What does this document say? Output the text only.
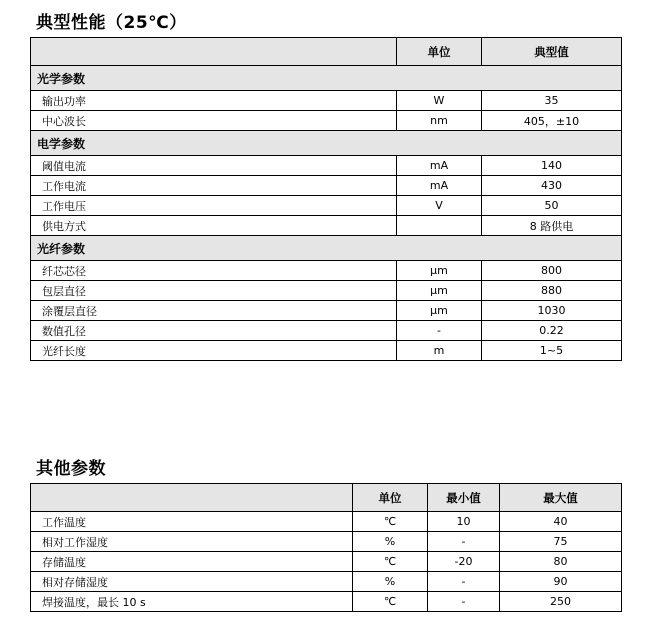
典型性能（25℃）
	单位	典型值
光学参数		
输出功率	W	35
中心波长	nm	405，±10
电学参数		
阈值电流	mA	140
工作电流	mA	430
工作电压	V	50
供电方式		8 路供电
光纤参数		
纤芯芯径	μm	800
包层直径	μm	880
涂覆层直径	μm	1030
数值孔径	-	0.22
光纤长度	m	1~5
其他参数
	单位	最小值	最大值
工作温度	℃	10	40
相对工作湿度	%	-	75
存储温度	℃	-20	80
相对存储湿度	%	-	90
焊接温度，最长 10 s	℃	-	250
